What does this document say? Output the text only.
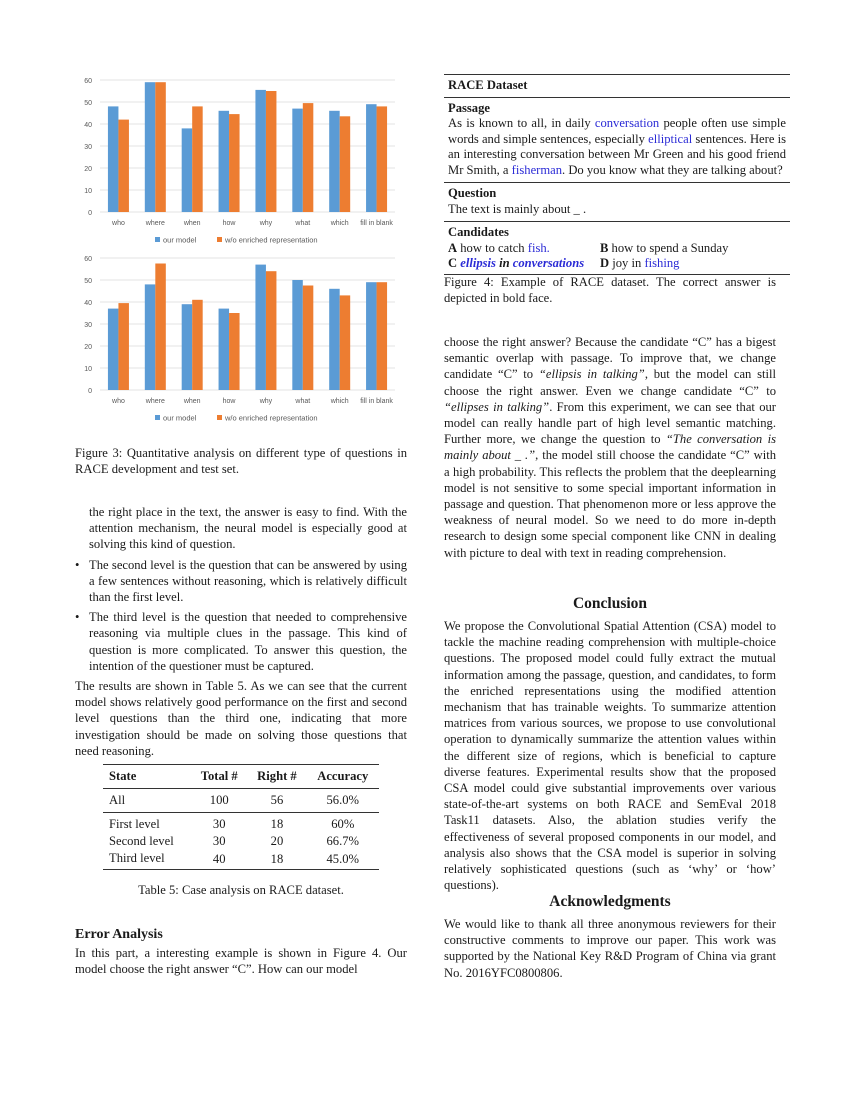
0
10
20
30
40
50
60
who	where	when	how	why	what	which fill in blank
our model	w/o enriched representation
0
10
20
30
40
50
60
who	where	when	how	why	what	which fill in blank
our model	w/o enriched representation
Figure 3: Quantitative analysis on different type of questions in RACE development and test set.
the right place in the text, the answer is easy to find. With the attention mechanism, the neural model is especially good at solving this kind of question.
• The second level is the question that can be answered by using a few sentences without reasoning, which is relatively difficult than the first level.
• The third level is the question that needed to comprehensive reasoning via multiple clues in the passage. This kind of question is more complicated. To answer this question, the intention of the questioner must be captured.

The results are shown in Table 5. As we can see that the current model shows relatively good performance on the first and second level questions than the third one, indicating that more investigation should be made on solving those questions that need reasoning.

State	Total #	Right #	Accuracy
All	100	56	56.0%
First level	30	18	60%
Second level	30	20	66.7%
Third level	40	18	45.0%
Table 5: Case analysis on RACE dataset.
Error Analysis

In this part, a interesting example is shown in Figure 4. Our model choose the right answer “C”. How can our model

RACE Dataset
Passage
As is known to all, in daily conversation people often use simple words and simple sentences, especially elliptical sentences. Here is an interesting conversation between Mr Green and his good friend Mr Smith, a fisherman. Do you know what they are talking about?
Question
The text is mainly about _ .
Candidates
A how to catch fish.	B how to spend a Sunday
C ellipsis in conversations	D joy in fishing
Figure 4: Example of RACE dataset. The correct answer is depicted in bold face.

choose the right answer? Because the candidate “C” has a bigest semantic overlap with passage. To improve that, we change candidate “C” to “ellipsis in talking”, but the model can still choose the right answer. Even we change candidate “C” to “ellipses in talking”. From this experiment, we can see that our model can really handle part of high level semantic matching. Further more, we change the question to “The conversation is mainly about _ .”, the model still choose the candidate “C” with a high probability. This reflects the problem that the deeplearning model is not sensitive to some special important information in passage and question. That phenomenon more or less approve the weakness of neural model. So we need to do more in-depth research to design some special component like CNN in dealing with picture to deal with text in reading comprehension.

Conclusion

We propose the Convolutional Spatial Attention (CSA) model to tackle the machine reading comprehension with multiple-choice questions. The proposed model could fully extract the mutual information among the passage, question, and candidates, to form the enriched representations using the modified attention mechanism that has trainable weights. To summarize attention matrices from various sources, we propose to use convolutional operation to dynamically summarize the attention values within the different size of regions, which is beneficial to capture diverse features. Experimental results show that the proposed CSA model could give substantial improvements over various state-of-the-art systems on both RACE and SemEval 2018 Task11 datasets. Also, the ablation studies verify the effectiveness of several proposed components in our model, and analysis also shows that the CSA model is superior in solving relatively sophisticated questions (such as ‘why’ or ‘how’ questions).

Acknowledgments

We would like to thank all three anonymous reviewers for their constructive comments to improve our paper. This work was supported by the National Key R&D Program of China via grant No. 2016YFC0800806.
